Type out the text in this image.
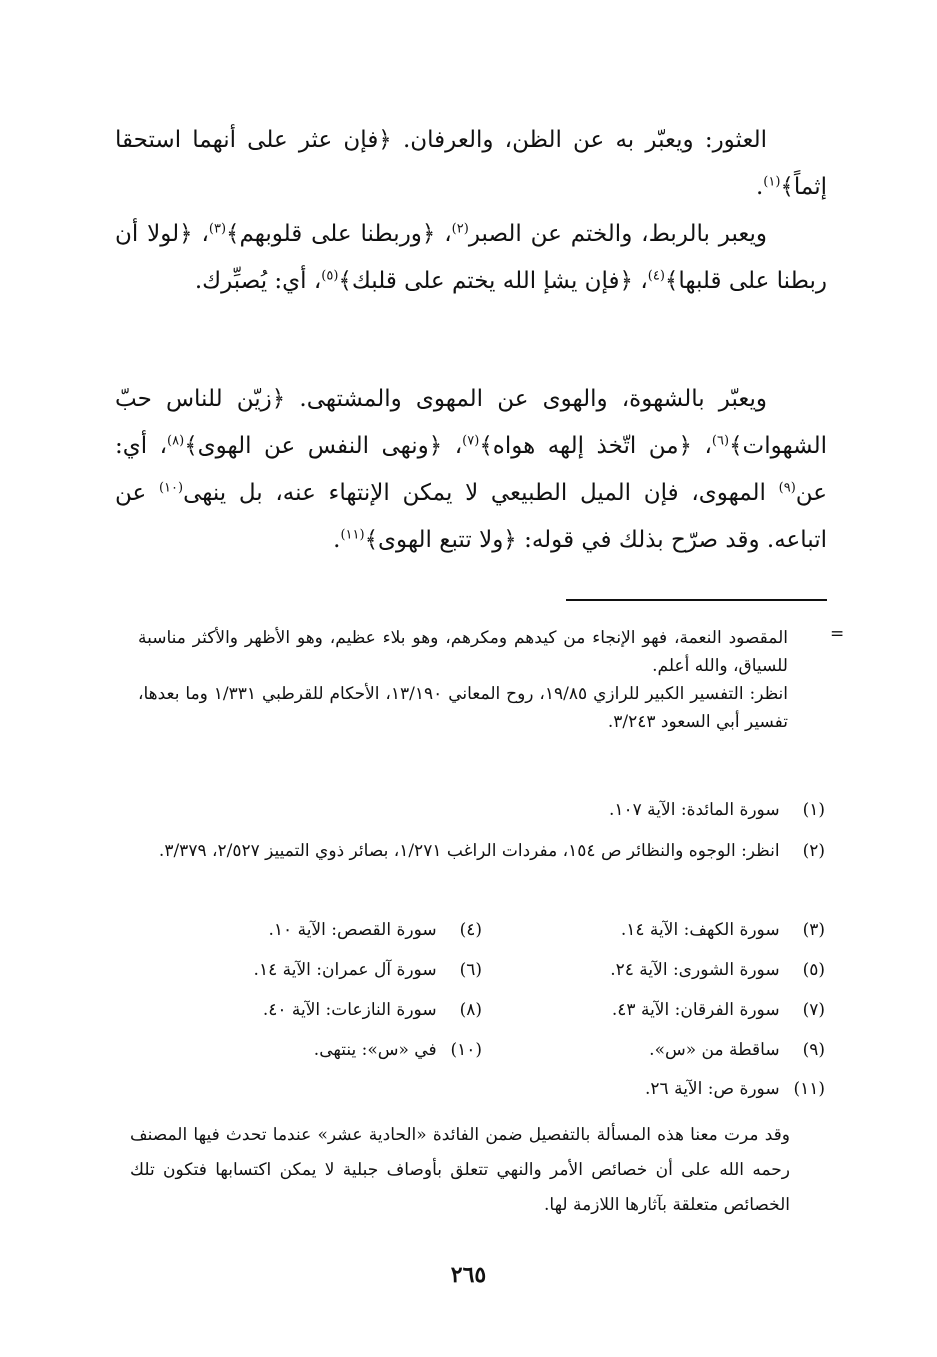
العثور: ويعبّر به عن الظن، والعرفان. ﴿فإن عثر على أنهما استحقا إثماً﴾$^{(١)}$.

ويعبر بالربط، والختم عن الصبر$^{(٢)}$، ﴿وربطنا على قلوبهم﴾$^{(٣)}$، ﴿لولا أن ربطنا على قلبها﴾$^{(٤)}$، ﴿فإن يشإ الله يختم على قلبك﴾$^{(٥)}$، أي: يُصبِّرك.

ويعبّر بالشهوة، والهوى عن المهوى والمشتهى. ﴿زيّن للناس حبّ الشهوات﴾$^{(٦)}$، ﴿من اتّخذ إلهه هواه﴾$^{(٧)}$، ﴿ونهى النفس عن الهوى﴾$^{(٨)}$، أي: عن$^{(٩)}$ المهوى، فإن الميل الطبيعي لا يمكن الإنتهاء عنه، بل ينهى$^{(١٠)}$ عن اتباعه. وقد صرّح بذلك في قوله: ﴿ولا تتبع الهوى﴾$^{(١١)}$.

=
المقصود النعمة، فهو الإنجاء من كيدهم ومكرهم، وهو بلاء عظيم، وهو الأظهر والأكثر مناسبة للسياق، والله أعلم.
انظر: التفسير الكبير للرازي ١٩/٨٥، روح المعاني ١٣/١٩٠، الأحكام للقرطبي ١/٣٣١ وما بعدها، تفسير أبي السعود ٣/٢٤٣.
(١) سورة المائدة: الآية ١٠٧.
(٢) انظر: الوجوه والنظائر ص ١٥٤، مفردات الراغب ١/٢٧١، بصائر ذوي التمييز ٢/٥٢٧، ٣/٣٧٩.
(٣) سورة الكهف: الآية ١٤.
(٥) سورة الشورى: الآية ٢٤.
(٧) سورة الفرقان: الآية ٤٣.
(٩) ساقطة من «س».
(٤) سورة القصص: الآية ١٠.
(٦) سورة آل عمران: الآية ١٤.
(٨) سورة النازعات: الآية ٤٠.
(١٠) في «س»: ينتهى.
(١١) سورة ص: الآية ٢٦.
وقد مرت معنا هذه المسألة بالتفصيل ضمن الفائدة «الحادية عشر» عندما تحدث فيها المصنف رحمه الله على أن خصائص الأمر والنهي تتعلق بأوصاف جبلية لا يمكن اكتسابها فتكون تلك الخصائص متعلقة بآثارها اللازمة لها.
٢٦٥
